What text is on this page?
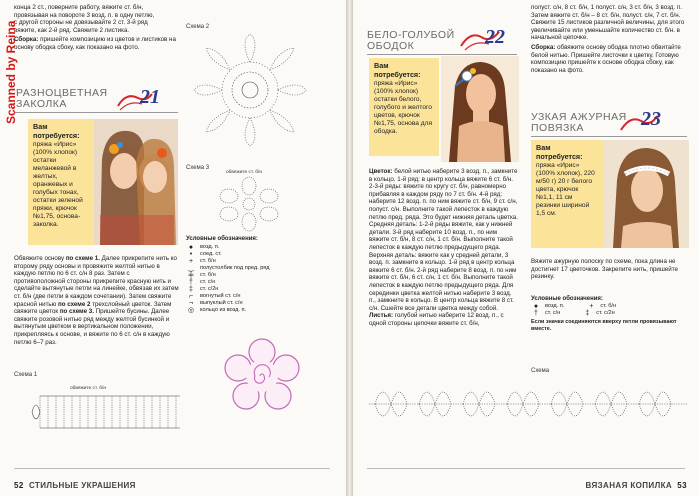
конца 2 ст., поверните работу, вяжите ст. б/н,
провязывая на повороте 3 возд. п. в одну петлю,
с другой стороны не довязывайте 2 ст. 3-й ряд
вяжите, как 2-й ряд. Свяжите 2 листика.
Сборка: пришейте композицию из цветов и листиков на основу ободка сбоку, как показано на фото.
РАЗНОЦВЕТНАЯ
ЗАКОЛКА	21
Вам потребуется:
пряжа «Ирис» (100% хлопок) остатки меланжевой в желтых, оранжевых и голубых тонах, остатки зеленой пряжи, крючок №1,75, основа-заколка.
Scanned by Reina
Обвяжите основу по схеме 1. Далее прикрепите нить ко второму ряду основы и провяжите желтой нитью в каждую петлю по 6 ст. с/н 8 раз. Затем с противоположной стороны прикрепите красную нить и сделайте вытянутые петли на линейке, обвязав их затем ст. б/н (две петли в каждом сочетании). Затем свяжите красной нитью по схеме 2 трехслойный цветок. Затем свяжите цветок по схеме 3. Пришейте бусины. Далее свяжите розовой нитью ряд между желтой бусинкой и вытянутым цветком в вертикальном положении, прикрепляясь к основе, и вяжите по 6 ст. с/н в каждую петлю 6–7 раз.
Схема 2
Схема 3
обвяжите ст. б/н
Условные обозначения:
●	возд. п.
•	соед. ст.
+	ст. б/н
‿	полустолбик под пред. ряд
╪	ст. б/н
†	ст. с/н
‡	ст. с/2н
⌐	вогнутый ст. с/н
¬	выпуклый ст. с/н
◎	кольцо из возд. п.
Схема 1
обвяжите ст. б/н
52 СТИЛЬНЫЕ УКРАШЕНИЯ
БЕЛО-ГОЛУБОЙ
ОБОДОК	22
Вам потребуется:
пряжа «Ирис» (100% хлопок) остатки белого, голубого и желтого цветов, крючок №1,75, основа для ободка.
полуст. с/н, 8 ст. б/н, 1 полуст. с/н, 3 ст. б/н, 3 возд. п. Затем вяжите ст. б/н – 8 ст. б/н, полуст. с/н, 7 ст. б/н. Свяжите 15 листиков различной величины, для этого увеличивайте или уменьшайте количество ст. б/н. в начальной цепочке.
Сборка: обвяжите основу ободка плотно обвитайте белой нитью. Пришейте листочки к цветку. Готовую композицию пришейте к основе ободка сбоку, как показано на фото.
Цветок: белой нитью наберите 3 возд. п., замкните в кольцо. 1-й ряд: в центр кольца вяжите 6 ст. б/н. 2-3-й ряды: вяжите по кругу ст. б/н, равномерно прибавляя в каждом ряду по 7 ст. б/н. 4-й ряд: наберите 12 возд. п. по ним вяжите ст. б/н, 9 ст. с/н, полуст. с/н. Выполните такой лепесток в каждую петлю пред. ряда. Это будет нижняя деталь цветка. Средняя деталь: 1-2-й ряды вяжите, как у нижней детали. 3-й ряд наберите 10 возд. п., по ним вяжите ст. б/н, 8 ст. с/н, 1 ст. б/н. Выполните такой лепесток в каждую петлю предыдущего ряда. Верхняя деталь: вяжите как у средней детали, 3 возд. п. замкните в кольцо. 1-й ряд в центр кольца вяжите 6 ст. б/н. 2-й ряд наберите 8 возд. п. по ним вяжите ст. б/н, 6 ст. с/н, 1 ст. б/н. Выполните такой лепесток в каждую петлю предыдущего ряда. Для серединки цветка желтой нитью наберите 3 возд. п., замкните в кольцо. В центр кольца вяжите 8 ст. с/н. Сшейте все детали цветка между собой.
Листья: голубой нитью наберите 12 возд. п., с одной стороны цепочки вяжите ст. б/н,
УЗКАЯ АЖУРНАЯ
ПОВЯЗКА	23
Вам потребуется:
пряжа «Ирис» (100% хлопок), 220 м/50 г) 20 г белого цвета, крючок №1,1, 11 см резинки шириной 1,5 см.
Вяжите ажурную полоску по схеме, пока длина не достигнет 17 цветочков. Закрепите нить, пришейте резинку.
Условные обозначения:
●	возд. п.	+	ст. б/н
†	ст. с/н	‡	ст. с/2н
Если значки соединяются вверху петли провязывают вместе.
Схема
ВЯЗАНАЯ КОПИЛКА 53
